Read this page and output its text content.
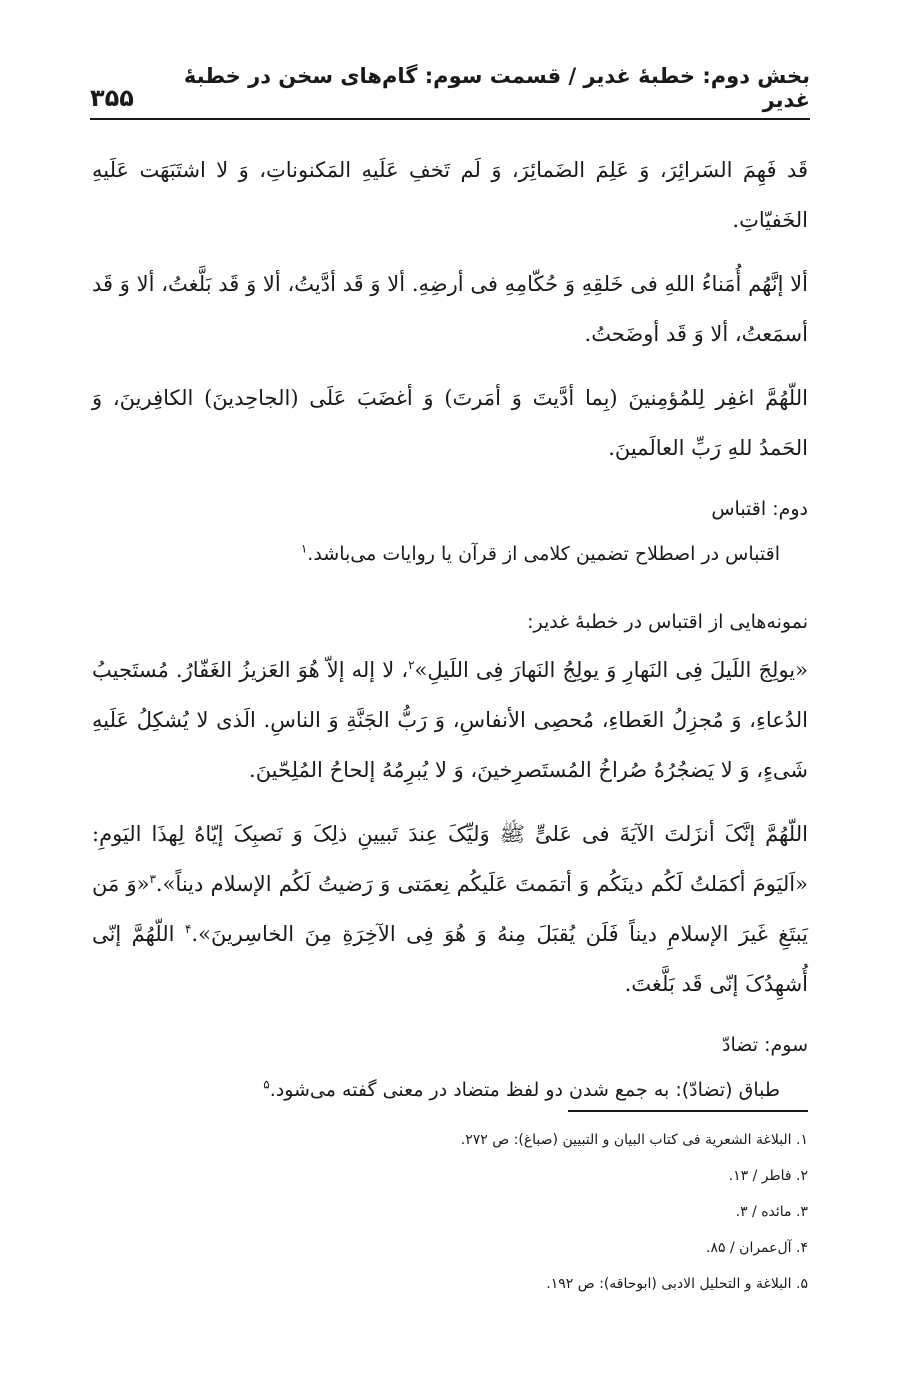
بخش دوم: خطبهٔ غدیر / قسمت سوم: گام‌های سخن در خطبهٔ غدیر
۳۵۵

قَد فَهِمَ السَرائِرَ، وَ عَلِمَ الضَمائِرَ، وَ لَم تَخفِ عَلَیهِ المَکنوناتِ، وَ لا اشتَبَهَت عَلَیهِ الخَفیّاتِ.

ألا إنَّهُم أُمَناءُ اللهِ فی خَلقِهِ وَ حُکّامِهِ فی أرضِهِ. ألا وَ قَد أدَّیتُ، ألا وَ قَد بَلَّغتُ، ألا وَ قَد أسمَعتُ، ألا وَ قَد أوضَحتُ.

اللّهُمَّ اغفِر لِلمُؤمِنینَ (بِما أدَّیتَ وَ أمَرتَ) وَ أغضَبَ عَلَی (الجاحِدینَ) الکافِرینَ، وَ الحَمدُ للهِ رَبِّ العالَمینَ.

دوم: اقتباس

اقتباس در اصطلاح تضمین کلامی از قرآن یا روایات می‌باشد.$^۱$

نمونه‌هایی از اقتباس در خطبهٔ غدیر:

«یولِجَ اللَیلَ فِی النَهارِ وَ یولِجُ النَهارَ فِی اللَیلِ»$^۲$، لا إله إلاّ هُوَ العَزیزُ الغَفّارُ. مُستَجیبُ الدُعاءِ، وَ مُجزِلُ العَطاءِ، مُحصِی الأنفاسِ، وَ رَبُّ الجَنَّةِ وَ الناسِ. الَذی لا یُشکِلُ عَلَیهِ شَیءٍ، وَ لا یَضجُرُهُ صُراخُ المُستَصرِخینَ، وَ لا یُبرِمُهُ إلحاحُ المُلِحّینَ.

اللّهُمَّ إنَّکَ أنزَلتَ الآیَةَ فی عَلیٍّ ﷺ وَلیِّکَ عِندَ تَبیینِ ذلِکَ وَ نَصبِکَ إیّاهُ لِهذَا الیَومِ: «اَلیَومَ أکمَلتُ لَکُم دینَکُم وَ أتمَمتَ عَلَیکُم نِعمَتی وَ رَضیتُ لَکُم الإسلام دیناً».$^۳$«وَ مَن یَبتَغِ غَیرَ الإسلامِ دیناً فَلَن یُقبَلَ مِنهُ وَ هُوَ فِی الآخِرَةِ مِنَ الخاسِرینَ».$^۴$ اللّهُمَّ إنّی أُشهِدُکَ إنّی قَد بَلَّغتَ.

سوم: تضادّ

طباق (تضادّ): به جمع شدن دو لفظ متضاد در معنی گفته می‌شود.$^۵$

۱. البلاغة الشعریة فی کتاب البیان و التبیین (صباغ): ص ۲۷۲.
۲. فاطر / ۱۳.
۳. مائده / ۳.
۴. آل‌عمران / ۸۵.
۵. البلاغة و التحلیل الادبی (ابوحاقه): ص ۱۹۲.
